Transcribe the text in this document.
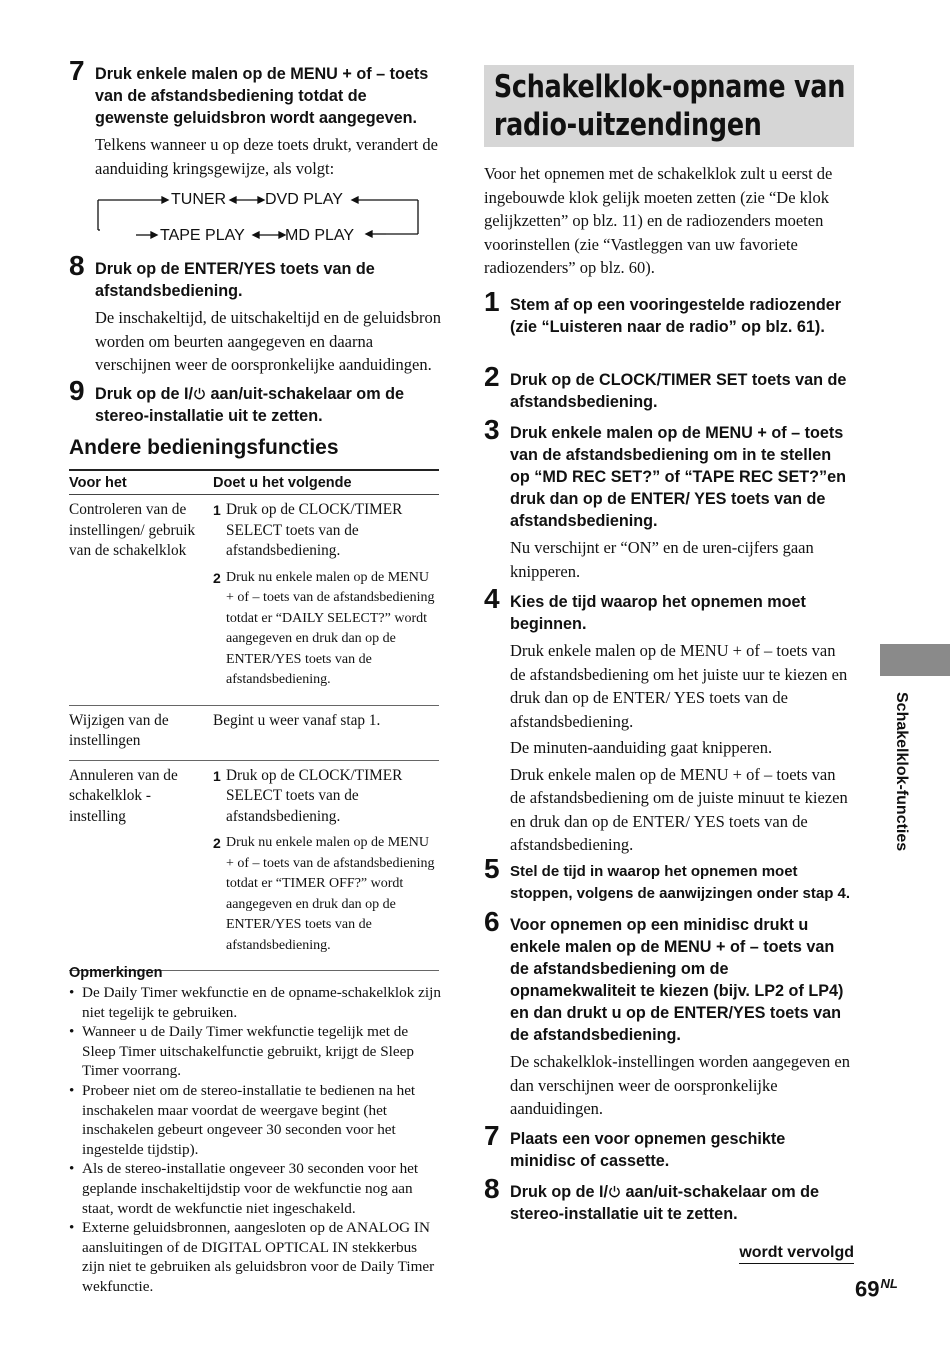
7 Druk enkele malen op de MENU + of – toets van de afstandsbediening totdat de gewenste geluidsbron wordt aangegeven.

Telkens wanneer u op deze toets drukt, verandert de aanduiding kringsgewijze, als volgt:

TUNER DVD PLAY
TAPE PLAY	MD PLAY
8 Druk op de ENTER/YES toets van de afstandsbediening.

De inschakeltijd, de uitschakeltijd en de geluidsbron worden om beurten aangegeven en daarna verschijnen weer de oorspronkelijke aanduidingen.

9 Druk op de I/ aan/uit-schakelaar om de stereo-installatie uit te zetten.
Andere bedieningsfuncties
Voor het	Doet u het volgende
Controleren van de instellingen/ gebruik van de schakelklok	1 Druk op de CLOCK/TIMER SELECT toets van de afstandsbediening.
2 Druk nu enkele malen op de MENU + of – toets van de afstandsbediening totdat er “DAILY SELECT?” wordt aangegeven en druk dan op de ENTER/YES toets van de afstandsbediening.

Wijzigen van de instellingen	Begint u weer vanaf stap 1.
Annuleren van de schakelklok -instelling	1 Druk op de CLOCK/TIMER SELECT toets van de afstandsbediening.
2 Druk nu enkele malen op de MENU + of – toets van de afstandsbediening totdat er “TIMER OFF?” wordt aangegeven en druk dan op de ENTER/YES toets van de afstandsbediening.
Opmerkingen
• De Daily Timer wekfunctie en de opname-schakelklok zijn niet tegelijk te gebruiken.
• Wanneer u de Daily Timer wekfunctie tegelijk met de Sleep Timer uitschakelfunctie gebruikt, krijgt de Sleep Timer voorrang.
• Probeer niet om de stereo-installatie te bedienen na het inschakelen maar voordat de weergave begint (het inschakelen gebeurt ongeveer 30 seconden voor het ingestelde tijdstip).
• Als de stereo-installatie ongeveer 30 seconden voor het geplande inschakeltijdstip voor de wekfunctie nog aan staat, wordt de wekfunctie niet ingeschakeld.
• Externe geluidsbronnen, aangesloten op de ANALOG IN aansluitingen of de DIGITAL OPTICAL IN stekkerbus zijn niet te gebruiken als geluidsbron voor de Daily Timer wekfunctie.
Schakelklok-opname van radio-uitzendingen

Voor het opnemen met de schakelklok zult u eerst de ingebouwde klok gelijk moeten zetten (zie “De klok gelijkzetten” op blz. 11) en de radiozenders moeten voorinstellen (zie “Vastleggen van uw favoriete radiozenders” op blz. 60).

1 Stem af op een vooringestelde radiozender (zie “Luisteren naar de radio” op blz. 61).
2 Druk op de CLOCK/TIMER SET toets van de afstandsbediening.
3 Druk enkele malen op de MENU + of – toets van de afstandsbediening om in te stellen op “MD REC SET?” of “TAPE REC SET?”en druk dan op de ENTER/ YES toets van de afstandsbediening.

Nu verschijnt er “ON” en de uren-cijfers gaan knipperen.

4 Kies de tijd waarop het opnemen moet beginnen.

Druk enkele malen op de MENU + of – toets van de afstandsbediening om het juiste uur te kiezen en druk dan op de ENTER/ YES toets van de afstandsbediening.

De minuten-aanduiding gaat knipperen.

Druk enkele malen op de MENU + of – toets van de afstandsbediening om de juiste minuut te kiezen en druk dan op de ENTER/ YES toets van de afstandsbediening.

5 Stel de tijd in waarop het opnemen moet stoppen, volgens de aanwijzingen onder stap 4.
6 Voor opnemen op een minidisc drukt u enkele malen op de MENU + of – toets van de afstandsbediening om de opnamekwaliteit te kiezen (bijv. LP2 of LP4) en dan drukt u op de ENTER/YES toets van de afstandsbediening.

De schakelklok-instellingen worden aangegeven en dan verschijnen weer de oorspronkelijke aanduidingen.

7 Plaats een voor opnemen geschikte minidisc of cassette.
8 Druk op de I/ aan/uit-schakelaar om de stereo-installatie uit te zetten.
wordt vervolgd
$69^{NL}$
Schakelklok-functies
